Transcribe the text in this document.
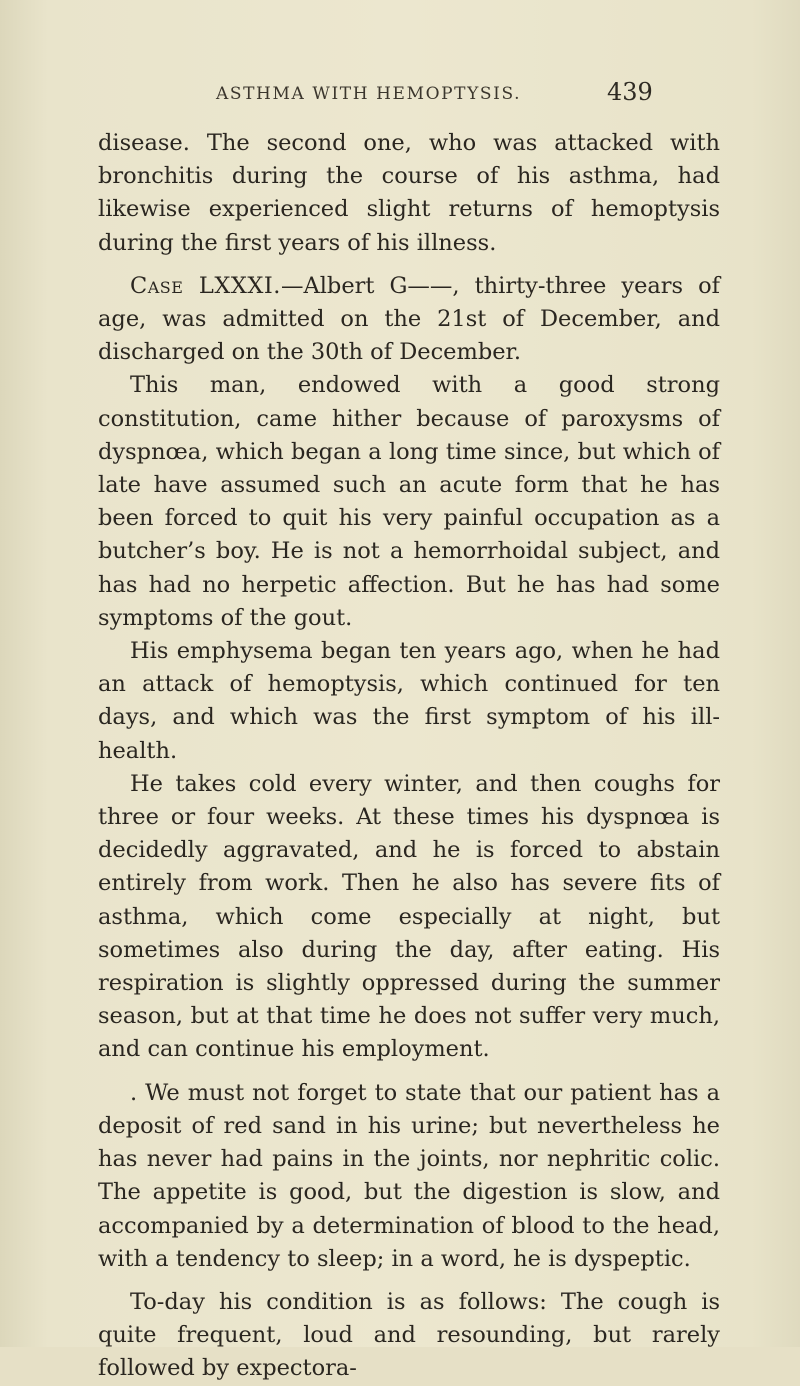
ASTHMA WITH HEMOPTYSIS.	439

disease. The second one, who was attacked with bronchitis during the course of his asthma, had likewise experienced slight returns of hemoptysis during the first years of his illness.

Case LXXXI.—Albert G——, thirty-three years of age, was admitted on the 21st of December, and discharged on the 30th of December.

This man, endowed with a good strong constitution, came hither because of paroxysms of dyspnœa, which began a long time since, but which of late have assumed such an acute form that he has been forced to quit his very painful occupation as a butcher’s boy. He is not a hemorrhoidal subject, and has had no herpetic affection. But he has had some symptoms of the gout.

His emphysema began ten years ago, when he had an attack of hemoptysis, which continued for ten days, and which was the first symptom of his ill-health.

He takes cold every winter, and then coughs for three or four weeks. At these times his dyspnœa is decidedly aggravated, and he is forced to abstain entirely from work. Then he also has severe fits of asthma, which come especially at night, but sometimes also during the day, after eating. His respiration is slightly oppressed during the summer season, but at that time he does not suffer very much, and can continue his employment.

. We must not forget to state that our patient has a deposit of red sand in his urine; but nevertheless he has never had pains in the joints, nor nephritic colic. The appetite is good, but the digestion is slow, and accompanied by a determination of blood to the head, with a tendency to sleep; in a word, he is dyspeptic.

To-day his condition is as follows: The cough is quite frequent, loud and resounding, but rarely followed by expectora-
